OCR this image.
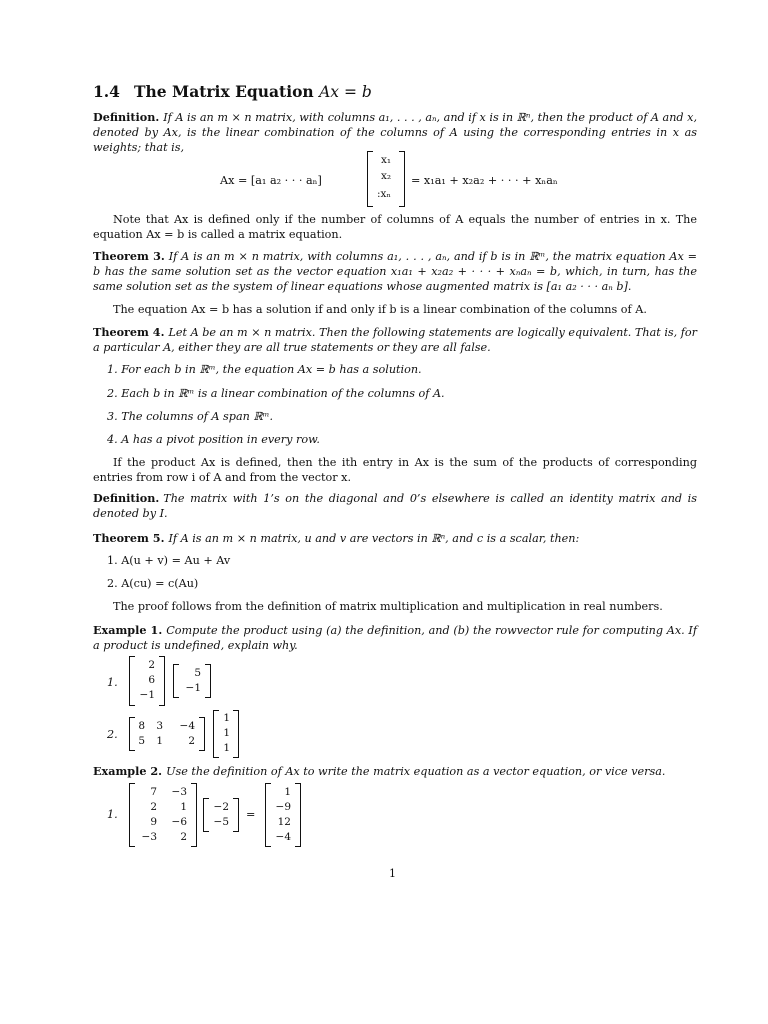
1.4 The Matrix Equation Ax = b
Definition. If A is an m × n matrix, with columns a₁, . . . , aₙ, and if x is in ℝⁿ, then the product of A and x, denoted by Ax, is the linear combination of the columns of A using the corresponding entries in x as weights; that is,
Ax = [a₁ a₂ · · · aₙ]
x₁
x₂
:xₙ
= x₁a₁ + x₂a₂ + · · · + xₙaₙ
Note that Ax is defined only if the number of columns of A equals the number of entries in x. The equation Ax = b is called a matrix equation.
Theorem 3. If A is an m × n matrix, with columns a₁, . . . , aₙ, and if b is in ℝᵐ, the matrix equation Ax = b has the same solution set as the vector equation x₁a₁ + x₂a₂ + · · · + xₙaₙ = b, which, in turn, has the same solution set as the system of linear equations whose augmented matrix is [a₁ a₂ · · · aₙ b].
The equation Ax = b has a solution if and only if b is a linear combination of the columns of A.
Theorem 4. Let A be an m × n matrix. Then the following statements are logically equivalent. That is, for a particular A, either they are all true statements or they are all false.
1. For each b in ℝᵐ, the equation Ax = b has a solution.
2. Each b in ℝᵐ is a linear combination of the columns of A.
3. The columns of A span ℝᵐ.
4. A has a pivot position in every row.
If the product Ax is defined, then the ith entry in Ax is the sum of the products of corresponding entries from row i of A and from the vector x.
Definition. The matrix with 1’s on the diagonal and 0’s elsewhere is called an identity matrix and is denoted by I.
Theorem 5. If A is an m × n matrix, u and v are vectors in ℝⁿ, and c is a scalar, then:
1. A(u + v) = Au + Av
2. A(cu) = c(Au)
The proof follows from the definition of matrix multiplication and multiplication in real numbers.
Example 1. Compute the product using (a) the definition, and (b) the rowvector rule for computing Ax. If a product is undefined, explain why.
1.
2
6
−1
5
−1
2.
8 3 −4
5 1 2
1
1
1
Example 2. Use the definition of Ax to write the matrix equation as a vector equation, or vice versa.
1.
7 −3
2 1
9 −6
−3 2
−2
−5
=
1
−9
12
−4
1
